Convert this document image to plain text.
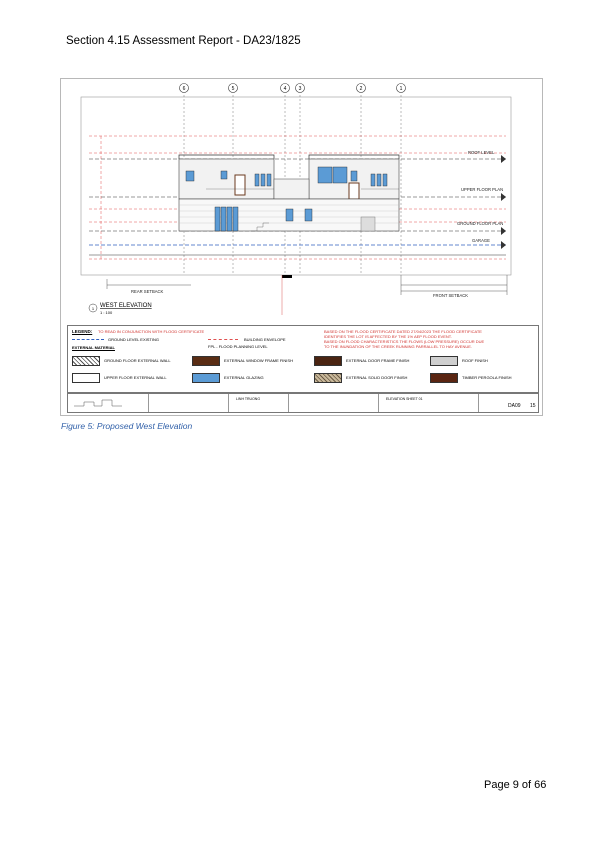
Section 4.15 Assessment Report - DA23/1825
6	5	4 3	2	1
ROOF LEVEL
UPPER FLOOR PLAN
GROUND FLOOR PLAN
GARAGE
REAR SETBACK
FRONT SETBACK
1 WEST ELEVATION
1 : 100
LEGEND: TO READ IN CONJUNCTION WITH FLOOD CERTIFICATE
GROUND LEVEL EXISTING	BUILDING ENVELOPE
FPL - FLOOD PLANNING LEVEL
EXTERNAL MATERIAL
BASED ON THE FLOOD CERTIFICATE DATED 27/04/2023 THE FLOOD CERTIFICATE
IDENTIFIES THE LOT IS AFFECTED BY THE 1% AEP FLOOD EVENT.
BASED ON FLOOD CHARACTERISTICS THE FLOWS (LOW PRESSURE) OCCUR DUE
TO THE INUNDATION OF THE CREEK RUNNING PARRALLEL TO HAY AVENUE.
GROUND FLOOR EXTERNAL WALL	EXTERNAL WINDOW FRAME FINISH	EXTERNAL DOOR FRAME FINISH	ROOF FINISH
UPPER FLOOR EXTERNAL WALL	EXTERNAL GLAZING	EXTERNAL SOLID DOOR FINISH	TIMBER PERGOLA FINISH
LINH TRUONG	ELEVATION SHEET 01
DA09 15
Figure 5: Proposed West Elevation
Page 9 of 66
